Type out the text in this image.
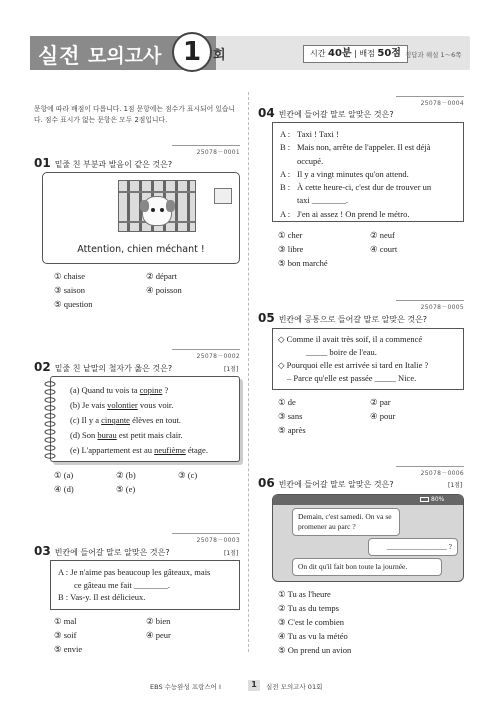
실전 모의고사 1 회	시간 40분 | 배점 50점 정답과 해설 1～6쪽
문항에 따라 배점이 다릅니다. 1점 문항에는 점수가 표시되어 있습니다. 점수 표시가 없는 문항은 모두 2점입니다.
25078－0001
01 밑줄 친 부분과 발음이 같은 것은?
Attention, chien méchant !
① chaise	② départ
③ saison	④ poisson
⑤ question
25078－0002
02 밑줄 친 낱말의 철자가 옳은 것은?	[1점]
(a) Quand tu vois ta copine ?
(b) Je vais volontier vous voir.
(c) Il y a cinqante élèves en tout.
(d) Son burau est petit mais clair.
(e) L'appartement est au neufième étage.
① (a)	② (b)	③ (c)
④ (d)	⑤ (e)
25078－0003
03 빈칸에 들어갈 말로 알맞은 것은?	[1점]
A : Je n'aime pas beaucoup les gâteaux, mais
ce gâteau me fait ________.
B : Vas-y. Il est délicieux.
① mal	② bien
③ soif	④ peur
⑤ envie
25078－0004
04 빈칸에 들어갈 말로 알맞은 것은?
A : Taxi ! Taxi !
B : Mais non, arrête de l'appeler. Il est déjà
occupé.
A : Il y a vingt minutes qu'on attend.
B : À cette heure-ci, c'est dur de trouver un
taxi ________.
A : J'en ai assez ! On prend le métro.
① cher	② neuf
③ libre	④ court
⑤ bon marché
25078－0005
05 빈칸에 공통으로 들어갈 말로 알맞은 것은?
◇ Comme il avait très soif, il a commencé
_____ boire de l'eau.
◇ Pourquoi elle est arrivée si tard en Italie ?
– Parce qu'elle est passée _____ Nice.
① de	② par
③ sans	④ pour
⑤ après
25078－0006
06 빈칸에 들어갈 말로 알맞은 것은?	[1점]
80%
Demain, c'est samedi. On va se
promener au parc ?
________________ ?
On dit qu'il fait bon toute la journée.
① Tu as l'heure
② Tu as du temps
③ C'est le combien
④ Tu as vu la météo
⑤ On prend un avion
EBS 수능완성 프랑스어 Ⅰ	1	실전 모의고사 01회
